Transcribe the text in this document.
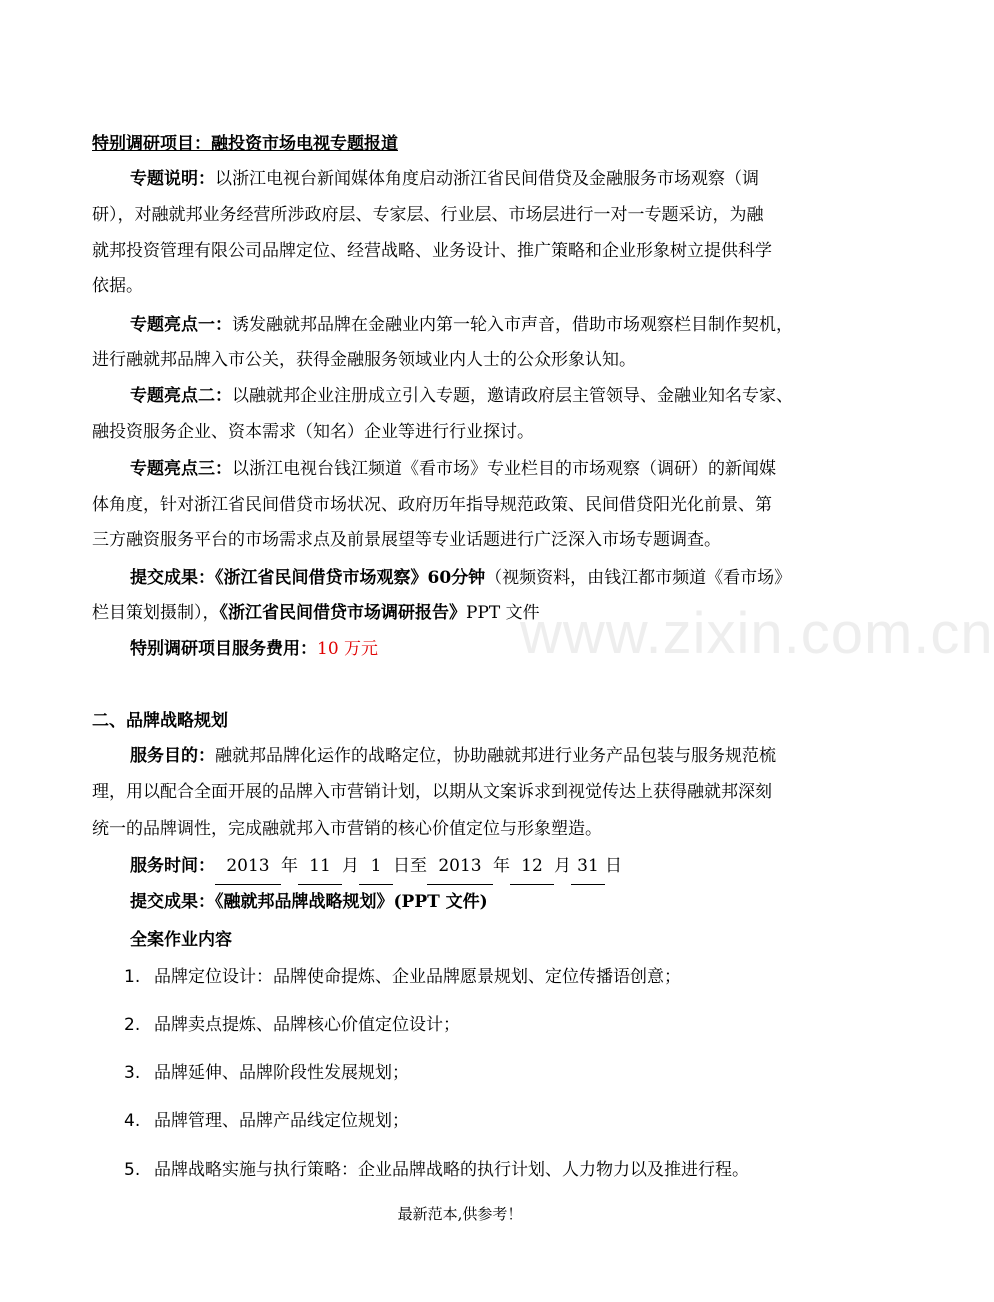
www.zixin.com.cn
特别调研项目：融投资市场电视专题报道
专题说明：以浙江电视台新闻媒体角度启动浙江省民间借贷及金融服务市场观察（调
研），对融就邦业务经营所涉政府层、专家层、行业层、市场层进行一对一专题采访，为融
就邦投资管理有限公司品牌定位、经营战略、业务设计、推广策略和企业形象树立提供科学
依据。
专题亮点一：诱发融就邦品牌在金融业内第一轮入市声音，借助市场观察栏目制作契机，
进行融就邦品牌入市公关，获得金融服务领域业内人士的公众形象认知。
专题亮点二：以融就邦企业注册成立引入专题，邀请政府层主管领导、金融业知名专家、
融投资服务企业、资本需求（知名）企业等进行行业探讨。
专题亮点三：以浙江电视台钱江频道《看市场》专业栏目的市场观察（调研）的新闻媒
体角度，针对浙江省民间借贷市场状况、政府历年指导规范政策、民间借贷阳光化前景、第
三方融资服务平台的市场需求点及前景展望等专业话题进行广泛深入市场专题调查。
提交成果：《浙江省民间借贷市场观察》60分钟（视频资料，由钱江都市频道《看市场》
栏目策划摄制），《浙江省民间借贷市场调研报告》PPT 文件
特别调研项目服务费用：10 万元
二、品牌战略规划
服务目的：融就邦品牌化运作的战略定位，协助融就邦进行业务产品包装与服务规范梳
理，用以配合全面开展的品牌入市营销计划，以期从文案诉求到视觉传达上获得融就邦深刻
统一的品牌调性，完成融就邦入市营销的核心价值定位与形象塑造。
服务时间： 2013 年 11 月 1 日至 2013 年 12 月 31 日
提交成果：《融就邦品牌战略规划》(PPT 文件)
全案作业内容
1. 品牌定位设计：品牌使命提炼、企业品牌愿景规划、定位传播语创意；
2. 品牌卖点提炼、品牌核心价值定位设计；
3. 品牌延伸、品牌阶段性发展规划；
4. 品牌管理、品牌产品线定位规划；
5. 品牌战略实施与执行策略：企业品牌战略的执行计划、人力物力以及推进行程。
最新范本,供参考！
